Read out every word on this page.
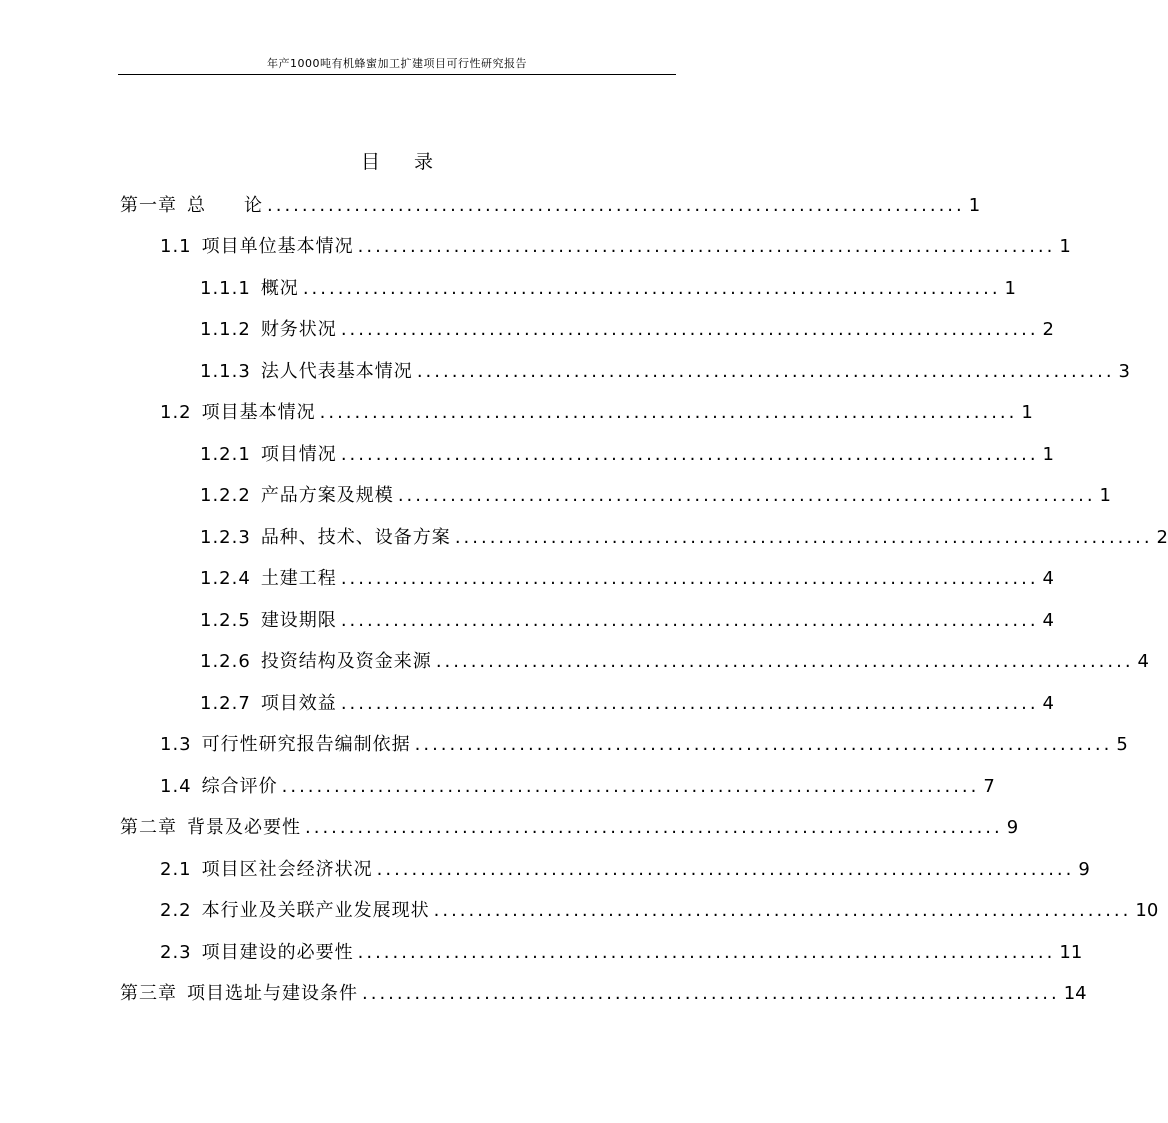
年产1000吨有机蜂蜜加工扩建项目可行性研究报告
目 录
第一章 总　　论 ................................................................................ 1
1.1 项目单位基本情况 ................................................................................ 1
1.1.1 概况 ................................................................................ 1
1.1.2 财务状况 ................................................................................ 2
1.1.3 法人代表基本情况 ................................................................................ 3
1.2 项目基本情况 ................................................................................ 1
1.2.1 项目情况 ................................................................................ 1
1.2.2 产品方案及规模 ................................................................................ 1
1.2.3 品种、技术、设备方案 ................................................................................ 2
1.2.4 土建工程 ................................................................................ 4
1.2.5 建设期限 ................................................................................ 4
1.2.6 投资结构及资金来源 ................................................................................ 4
1.2.7 项目效益 ................................................................................ 4
1.3 可行性研究报告编制依据 ................................................................................ 5
1.4 综合评价 ................................................................................ 7
第二章 背景及必要性 ................................................................................ 9
2.1 项目区社会经济状况 ................................................................................ 9
2.2 本行业及关联产业发展现状 ................................................................................ 10
2.3 项目建设的必要性 ................................................................................ 11
第三章 项目选址与建设条件 ................................................................................ 14
